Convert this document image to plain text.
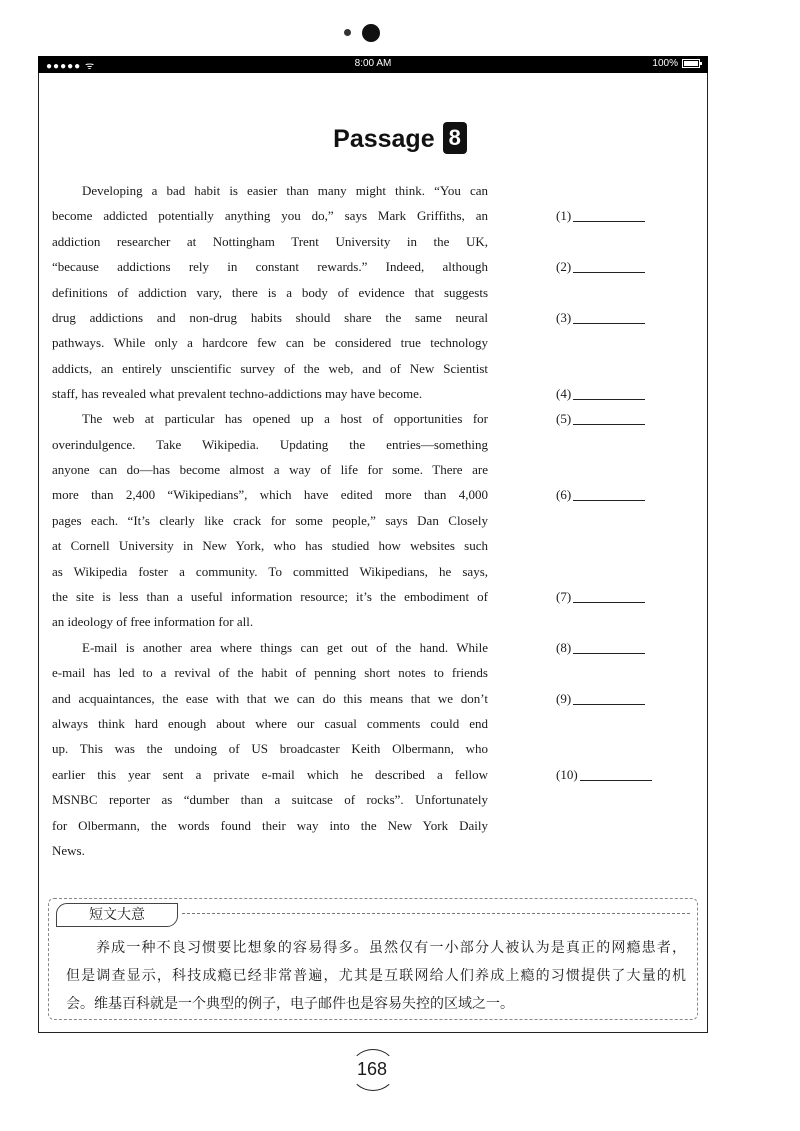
●●●●● ᯤ	8:00 AM	100%
Passage 8
Developing a bad habit is easier than many might think. “You can
become addicted potentially anything you do,” says Mark Griffiths, an
addiction researcher at Nottingham Trent University in the UK,
“because addictions rely in constant rewards.” Indeed, although
definitions of addiction vary, there is a body of evidence that suggests
drug addictions and non-drug habits should share the same neural
pathways. While only a hardcore few can be considered true technology
addicts, an entirely unscientific survey of the web, and of New Scientist
staff, has revealed what prevalent techno-addictions may have become.
The web at particular has opened up a host of opportunities for
overindulgence. Take Wikipedia. Updating the entries—something
anyone can do—has become almost a way of life for some. There are
more than 2,400 “Wikipedians”, which have edited more than 4,000
pages each. “It’s clearly like crack for some people,” says Dan Closely
at Cornell University in New York, who has studied how websites such
as Wikipedia foster a community. To committed Wikipedians, he says,
the site is less than a useful information resource; it’s the embodiment of
an ideology of free information for all.
E-mail is another area where things can get out of the hand. While
e-mail has led to a revival of the habit of penning short notes to friends
and acquaintances, the ease with that we can do this means that we don’t
always think hard enough about where our casual comments could end
up. This was the undoing of US broadcaster Keith Olbermann, who
earlier this year sent a private e-mail which he described a fellow
MSNBC reporter as “dumber than a suitcase of rocks”. Unfortunately
for Olbermann, the words found their way into the New York Daily
News.
(1)
(2)
(3)
(4)
(5)
(6)
(7)
(8)
(9)
(10)
短文大意
养成一种不良习惯要比想象的容易得多。虽然仅有一小部分人被认为是真正的网瘾患者，
但是调查显示，科技成瘾已经非常普遍，尤其是互联网给人们养成上瘾的习惯提供了大量的机
会。维基百科就是一个典型的例子，电子邮件也是容易失控的区域之一。
168
